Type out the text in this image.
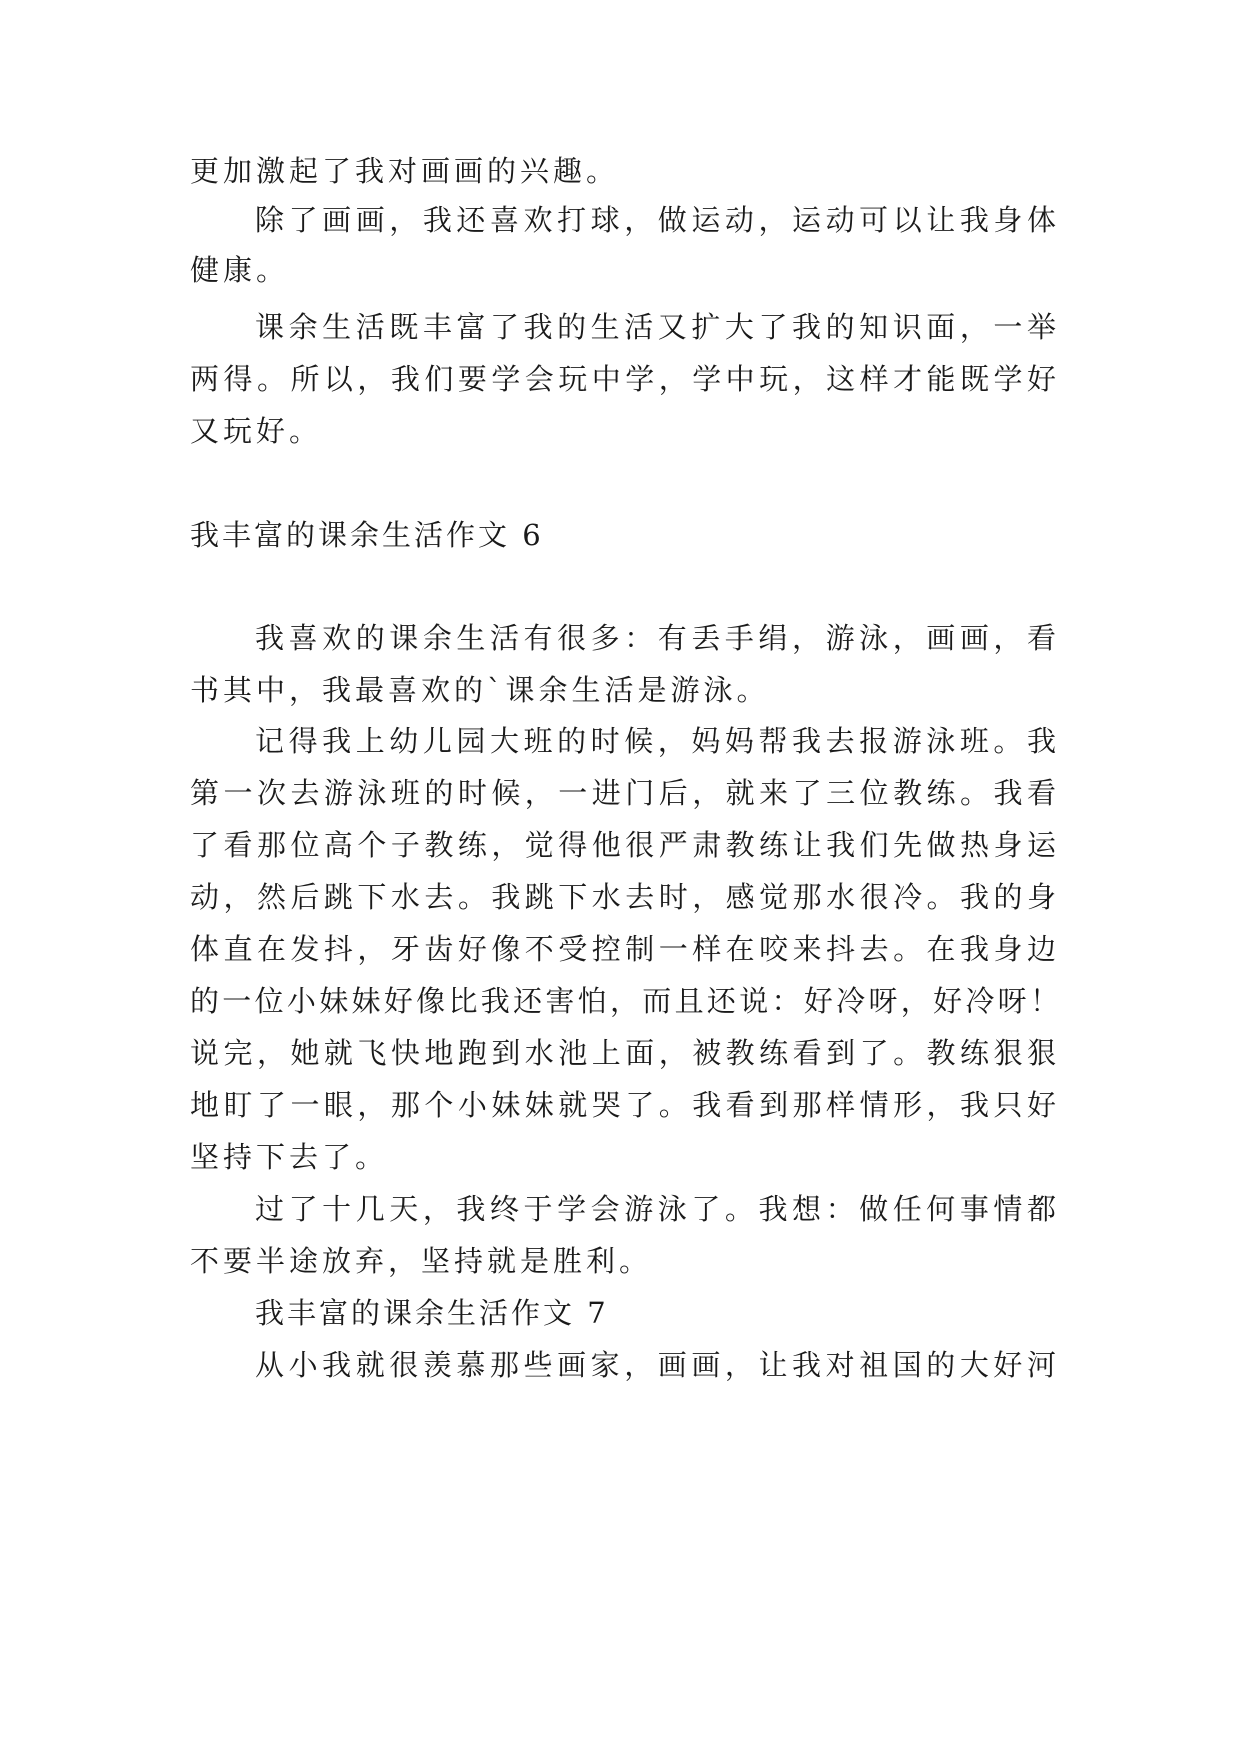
更加激起了我对画画的兴趣。
除了画画，我还喜欢打球，做运动，运动可以让我身体
健康。
课余生活既丰富了我的生活又扩大了我的知识面，一举
两得。所以，我们要学会玩中学，学中玩，这样才能既学好
又玩好。
我丰富的课余生活作文 6
我喜欢的课余生活有很多：有丢手绢，游泳，画画，看
书其中，我最喜欢的`课余生活是游泳。
记得我上幼儿园大班的时候，妈妈帮我去报游泳班。我
第一次去游泳班的时候，一进门后，就来了三位教练。我看
了看那位高个子教练，觉得他很严肃教练让我们先做热身运
动，然后跳下水去。我跳下水去时，感觉那水很冷。我的身
体直在发抖，牙齿好像不受控制一样在咬来抖去。在我身边
的一位小妹妹好像比我还害怕，而且还说：好冷呀，好冷呀！
说完，她就飞快地跑到水池上面，被教练看到了。教练狠狠
地盯了一眼，那个小妹妹就哭了。我看到那样情形，我只好
坚持下去了。
过了十几天，我终于学会游泳了。我想：做任何事情都
不要半途放弃，坚持就是胜利。
我丰富的课余生活作文 7
从小我就很羡慕那些画家，画画，让我对祖国的大好河
